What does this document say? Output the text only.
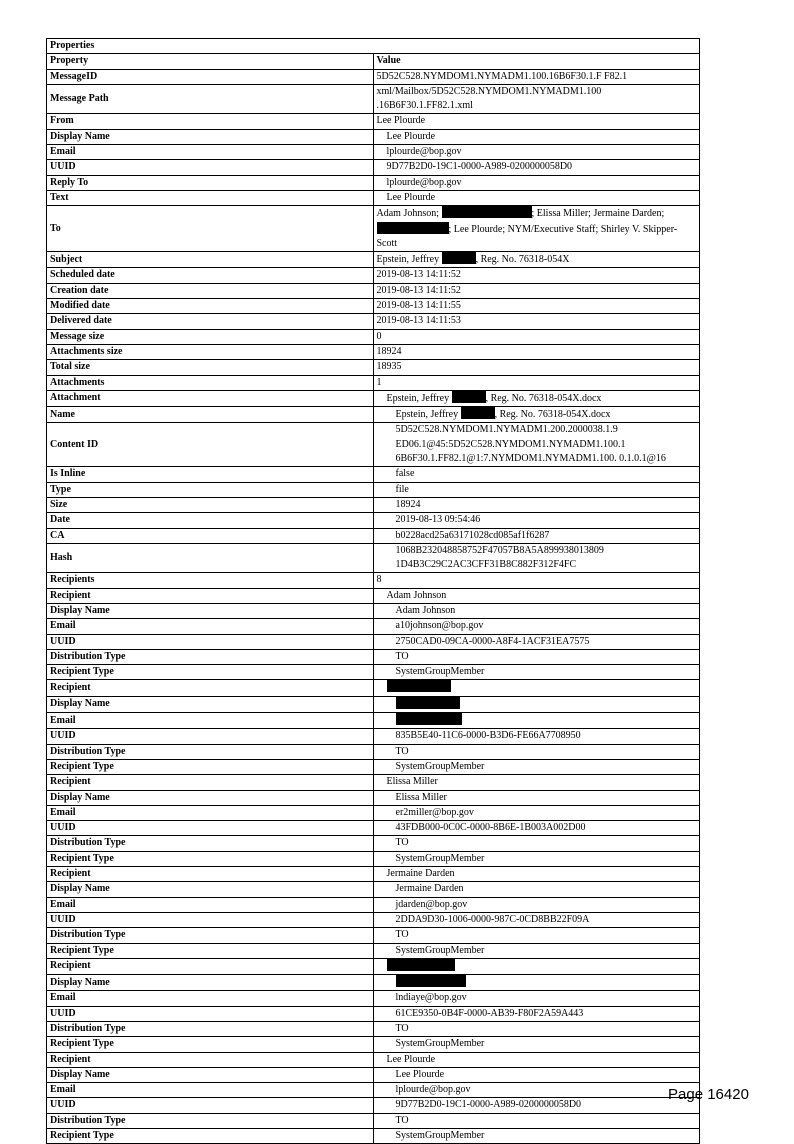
Properties	
Property	Value
MessageID	5D52C528.NYMDOM1.NYMADM1.100.16B6F30.1.F F82.1
Message Path	xml/Mailbox/5D52C528.NYMDOM1.NYMADM1.100 .16B6F30.1.FF82.1.xml
From	Lee Plourde
Display Name	Lee Plourde
Email	lplourde@bop.gov
UUID	9D77B2D0-19C1-0000-A989-0200000058D0
Reply To	lplourde@bop.gov
Text	Lee Plourde
To	Adam Johnson; ; Elissa Miller; Jermaine Darden; ; Lee Plourde; NYM/Executive Staff; Shirley V. Skipper-Scott
Subject	Epstein, Jeffrey , Reg. No. 76318-054X
Scheduled date	2019-08-13 14:11:52
Creation date	2019-08-13 14:11:52
Modified date	2019-08-13 14:11:55
Delivered date	2019-08-13 14:11:53
Message size	0
Attachments size	18924
Total size	18935
Attachments	1
Attachment	Epstein, Jeffrey , Reg. No. 76318-054X.docx
Name	Epstein, Jeffrey , Reg. No. 76318-054X.docx
Content ID	5D52C528.NYMDOM1.NYMADM1.200.2000038.1.9
ED06.1@45:5D52C528.NYMDOM1.NYMADM1.100.1
6B6F30.1.FF82.1@1:7.NYMDOM1.NYMADM1.100. 0.1.0.1@16

Is Inline	false
Type	file
Size	18924
Date	2019-08-13 09:54:46
CA	b0228acd25a63171028cd085af1f6287
Hash	1068B232048858752F47057B8A5A899938013809 1D4B3C29C2AC3CFF31B8C882F312F4FC
Recipients	8
Recipient	Adam Johnson
Display Name	Adam Johnson
Email	a10johnson@bop.gov
UUID	2750CAD0-09CA-0000-A8F4-1ACF31EA7575
Distribution Type	TO
Recipient Type	SystemGroupMember
Recipient	
Display Name	
Email	
UUID	835B5E40-11C6-0000-B3D6-FE66A7708950
Distribution Type	TO
Recipient Type	SystemGroupMember
Recipient	Elissa Miller
Display Name	Elissa Miller
Email	er2miller@bop.gov
UUID	43FDB000-0C0C-0000-8B6E-1B003A002D00
Distribution Type	TO
Recipient Type	SystemGroupMember
Recipient	Jermaine Darden
Display Name	Jermaine Darden
Email	jdarden@bop.gov
UUID	2DDA9D30-1006-0000-987C-0CD8BB22F09A
Distribution Type	TO
Recipient Type	SystemGroupMember
Recipient	
Display Name	
Email	lndiaye@bop.gov
UUID	61CE9350-0B4F-0000-AB39-F80F2A59A443
Distribution Type	TO
Recipient Type	SystemGroupMember
Recipient	Lee Plourde
Display Name	Lee Plourde
Email	lplourde@bop.gov
UUID	9D77B2D0-19C1-0000-A989-0200000058D0
Distribution Type	TO
Recipient Type	SystemGroupMember
Page 16420
